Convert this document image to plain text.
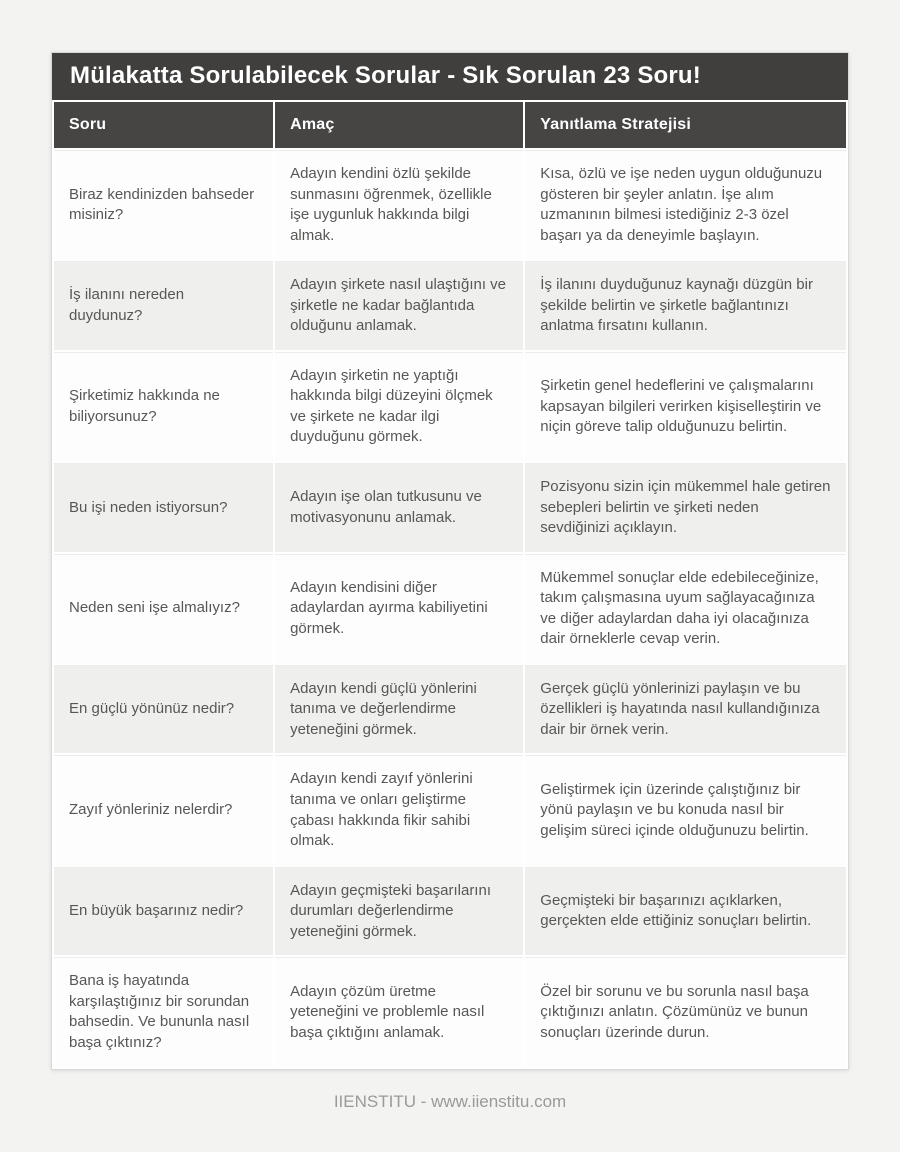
Mülakatta Sorulabilecek Sorular - Sık Sorulan 23 Soru!
Soru	Amaç	Yanıtlama Stratejisi
Biraz kendinizden bahseder misiniz?	Adayın kendini özlü şekilde sunmasını öğrenmek, özellikle işe uygunluk hakkında bilgi almak.	Kısa, özlü ve işe neden uygun olduğunuzu gösteren bir şeyler anlatın. İşe alım uzmanının bilmesi istediğiniz 2-3 özel başarı ya da deneyimle başlayın.
İş ilanını nereden duydunuz?	Adayın şirkete nasıl ulaştığını ve şirketle ne kadar bağlantıda olduğunu anlamak.	İş ilanını duyduğunuz kaynağı düzgün bir şekilde belirtin ve şirketle bağlantınızı anlatma fırsatını kullanın.
Şirketimiz hakkında ne biliyorsunuz?	Adayın şirketin ne yaptığı hakkında bilgi düzeyini ölçmek ve şirkete ne kadar ilgi duyduğunu görmek.	Şirketin genel hedeflerini ve çalışmalarını kapsayan bilgileri verirken kişiselleştirin ve niçin göreve talip olduğunuzu belirtin.
Bu işi neden istiyorsun?	Adayın işe olan tutkusunu ve motivasyonunu anlamak.	Pozisyonu sizin için mükemmel hale getiren sebepleri belirtin ve şirketi neden sevdiğinizi açıklayın.
Neden seni işe almalıyız?	Adayın kendisini diğer adaylardan ayırma kabiliyetini görmek.	Mükemmel sonuçlar elde edebileceğinize, takım çalışmasına uyum sağlayacağınıza ve diğer adaylardan daha iyi olacağınıza dair örneklerle cevap verin.
En güçlü yönünüz nedir?	Adayın kendi güçlü yönlerini tanıma ve değerlendirme yeteneğini görmek.	Gerçek güçlü yönlerinizi paylaşın ve bu özellikleri iş hayatında nasıl kullandığınıza dair bir örnek verin.
Zayıf yönleriniz nelerdir?	Adayın kendi zayıf yönlerini tanıma ve onları geliştirme çabası hakkında fikir sahibi olmak.	Geliştirmek için üzerinde çalıştığınız bir yönü paylaşın ve bu konuda nasıl bir gelişim süreci içinde olduğunuzu belirtin.
En büyük başarınız nedir?	Adayın geçmişteki başarılarını durumları değerlendirme yeteneğini görmek.	Geçmişteki bir başarınızı açıklarken, gerçekten elde ettiğiniz sonuçları belirtin.
Bana iş hayatında karşılaştığınız bir sorundan bahsedin. Ve bununla nasıl başa çıktınız?	Adayın çözüm üretme yeteneğini ve problemle nasıl başa çıktığını anlamak.	Özel bir sorunu ve bu sorunla nasıl başa çıktığınızı anlatın. Çözümünüz ve bunun sonuçları üzerinde durun.
IIENSTITU - www.iienstitu.com
